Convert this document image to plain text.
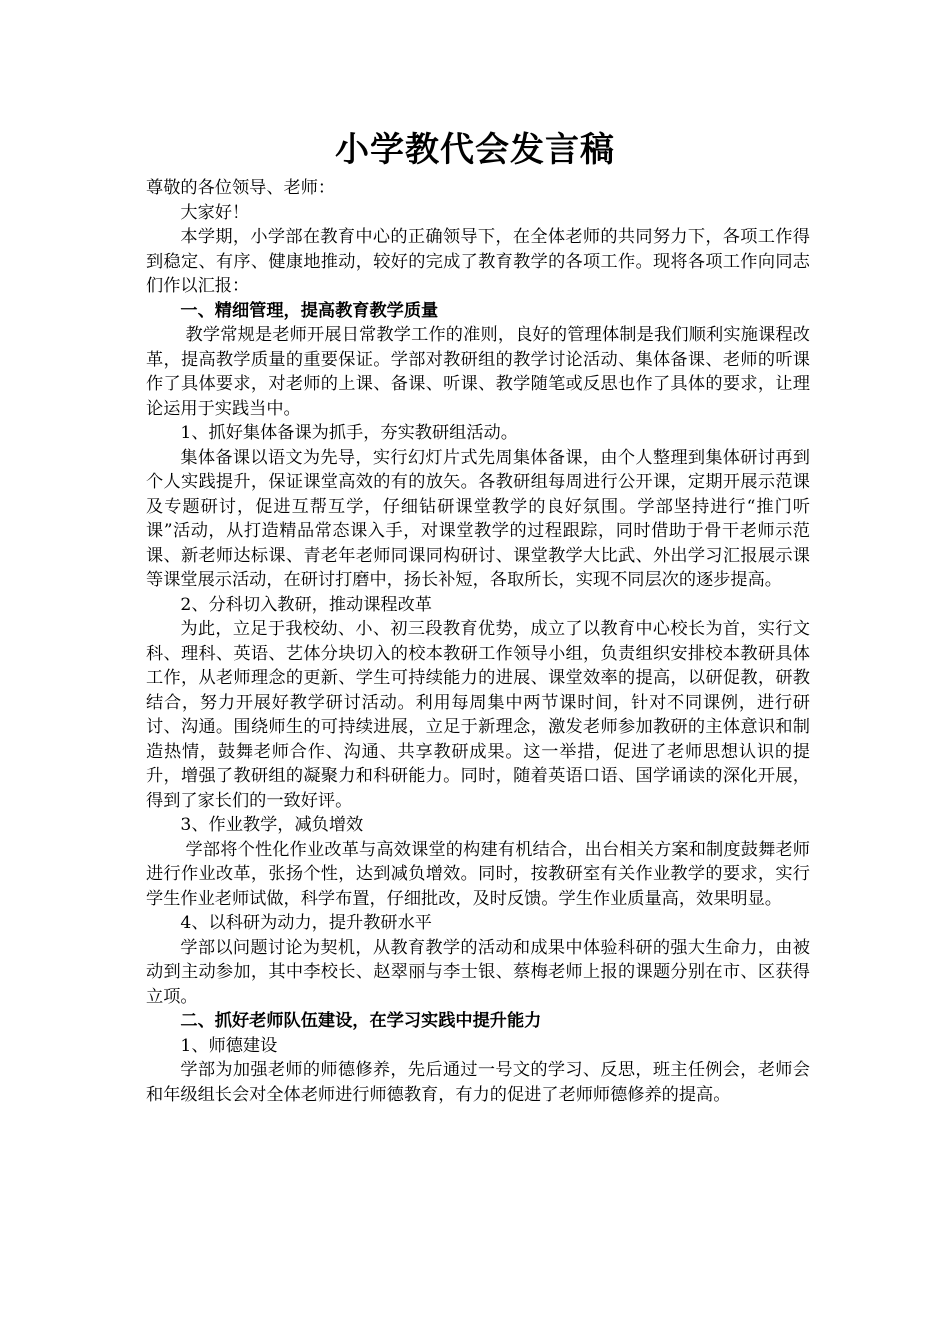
小学教代会发言稿

尊敬的各位领导、老师：

大家好！

本学期，小学部在教育中心的正确领导下，在全体老师的共同努力下，各项工作得到稳定、有序、健康地推动，较好的完成了教育教学的各项工作。现将各项工作向同志们作以汇报：

一、精细管理，提高教育教学质量

教学常规是老师开展日常教学工作的准则，良好的管理体制是我们顺利实施课程改革，提高教学质量的重要保证。学部对教研组的教学讨论活动、集体备课、老师的听课作了具体要求，对老师的上课、备课、听课、教学随笔或反思也作了具体的要求，让理论运用于实践当中。

1、抓好集体备课为抓手，夯实教研组活动。

集体备课以语文为先导，实行幻灯片式先周集体备课，由个人整理到集体研讨再到个人实践提升，保证课堂高效的有的放矢。各教研组每周进行公开课，定期开展示范课及专题研讨，促进互帮互学，仔细钻研课堂教学的良好氛围。学部坚持进行“推门听课”活动，从打造精品常态课入手，对课堂教学的过程跟踪，同时借助于骨干老师示范课、新老师达标课、青老年老师同课同构研讨、课堂教学大比武、外出学习汇报展示课等课堂展示活动，在研讨打磨中，扬长补短，各取所长，实现不同层次的逐步提高。

2、分科切入教研，推动课程改革

为此，立足于我校幼、小、初三段教育优势，成立了以教育中心校长为首，实行文科、理科、英语、艺体分块切入的校本教研工作领导小组，负责组织安排校本教研具体工作，从老师理念的更新、学生可持续能力的进展、课堂效率的提高，以研促教，研教结合，努力开展好教学研讨活动。利用每周集中两节课时间，针对不同课例，进行研讨、沟通。围绕师生的可持续进展，立足于新理念，激发老师参加教研的主体意识和制造热情，鼓舞老师合作、沟通、共享教研成果。这一举措，促进了老师思想认识的提升，增强了教研组的凝聚力和科研能力。同时，随着英语口语、国学诵读的深化开展，得到了家长们的一致好评。

3、作业教学，减负增效

学部将个性化作业改革与高效课堂的构建有机结合，出台相关方案和制度鼓舞老师进行作业改革，张扬个性，达到减负增效。同时，按教研室有关作业教学的要求，实行学生作业老师试做，科学布置，仔细批改，及时反馈。学生作业质量高，效果明显。

4、以科研为动力，提升教研水平

学部以问题讨论为契机，从教育教学的活动和成果中体验科研的强大生命力，由被动到主动参加，其中李校长、赵翠丽与李士银、蔡梅老师上报的课题分别在市、区获得立项。

二、抓好老师队伍建设，在学习实践中提升能力

1、师德建设

学部为加强老师的师德修养，先后通过一号文的学习、反思，班主任例会，老师会和年级组长会对全体老师进行师德教育，有力的促进了老师师德修养的提高。
